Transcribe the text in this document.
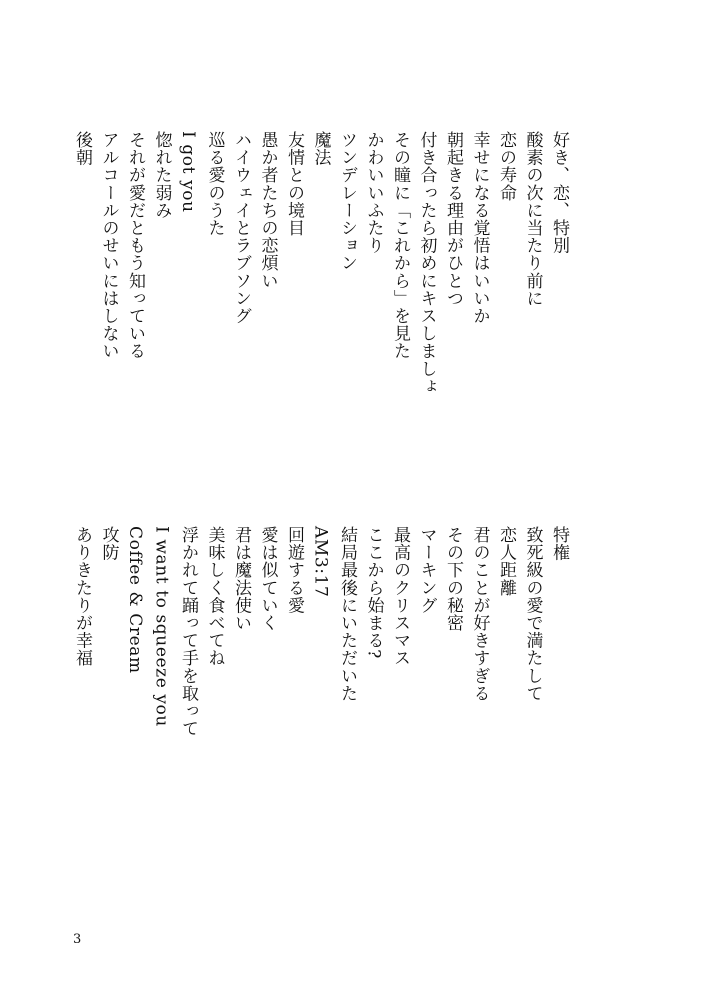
好き、恋、特別
酸素の次に当たり前に
恋の寿命
幸せになる覚悟はいいか
朝起きる理由がひとつ
付き合ったら初めにキスしましょ
その瞳に「これから」を見た
かわいいふたり
ツンデレーション
魔法
友情との境目
愚か者たちの恋煩い
ハイウェイとラブソング
巡る愛のうた
I got you
惚れた弱み
それが愛だともう知っている
アルコールのせいにはしない
後朝
特権
致死級の愛で満たして
恋人距離
君のことが好きすぎる
その下の秘密
マーキング
最高のクリスマス
ここから始まる?
結局最後にいただいた
AM3:17
回遊する愛
愛は似ていく
君は魔法使い
美味しく食べてね
浮かれて踊って手を取って
I want to squeeze you
Coffee & Cream
攻防
ありきたりが幸福
3
